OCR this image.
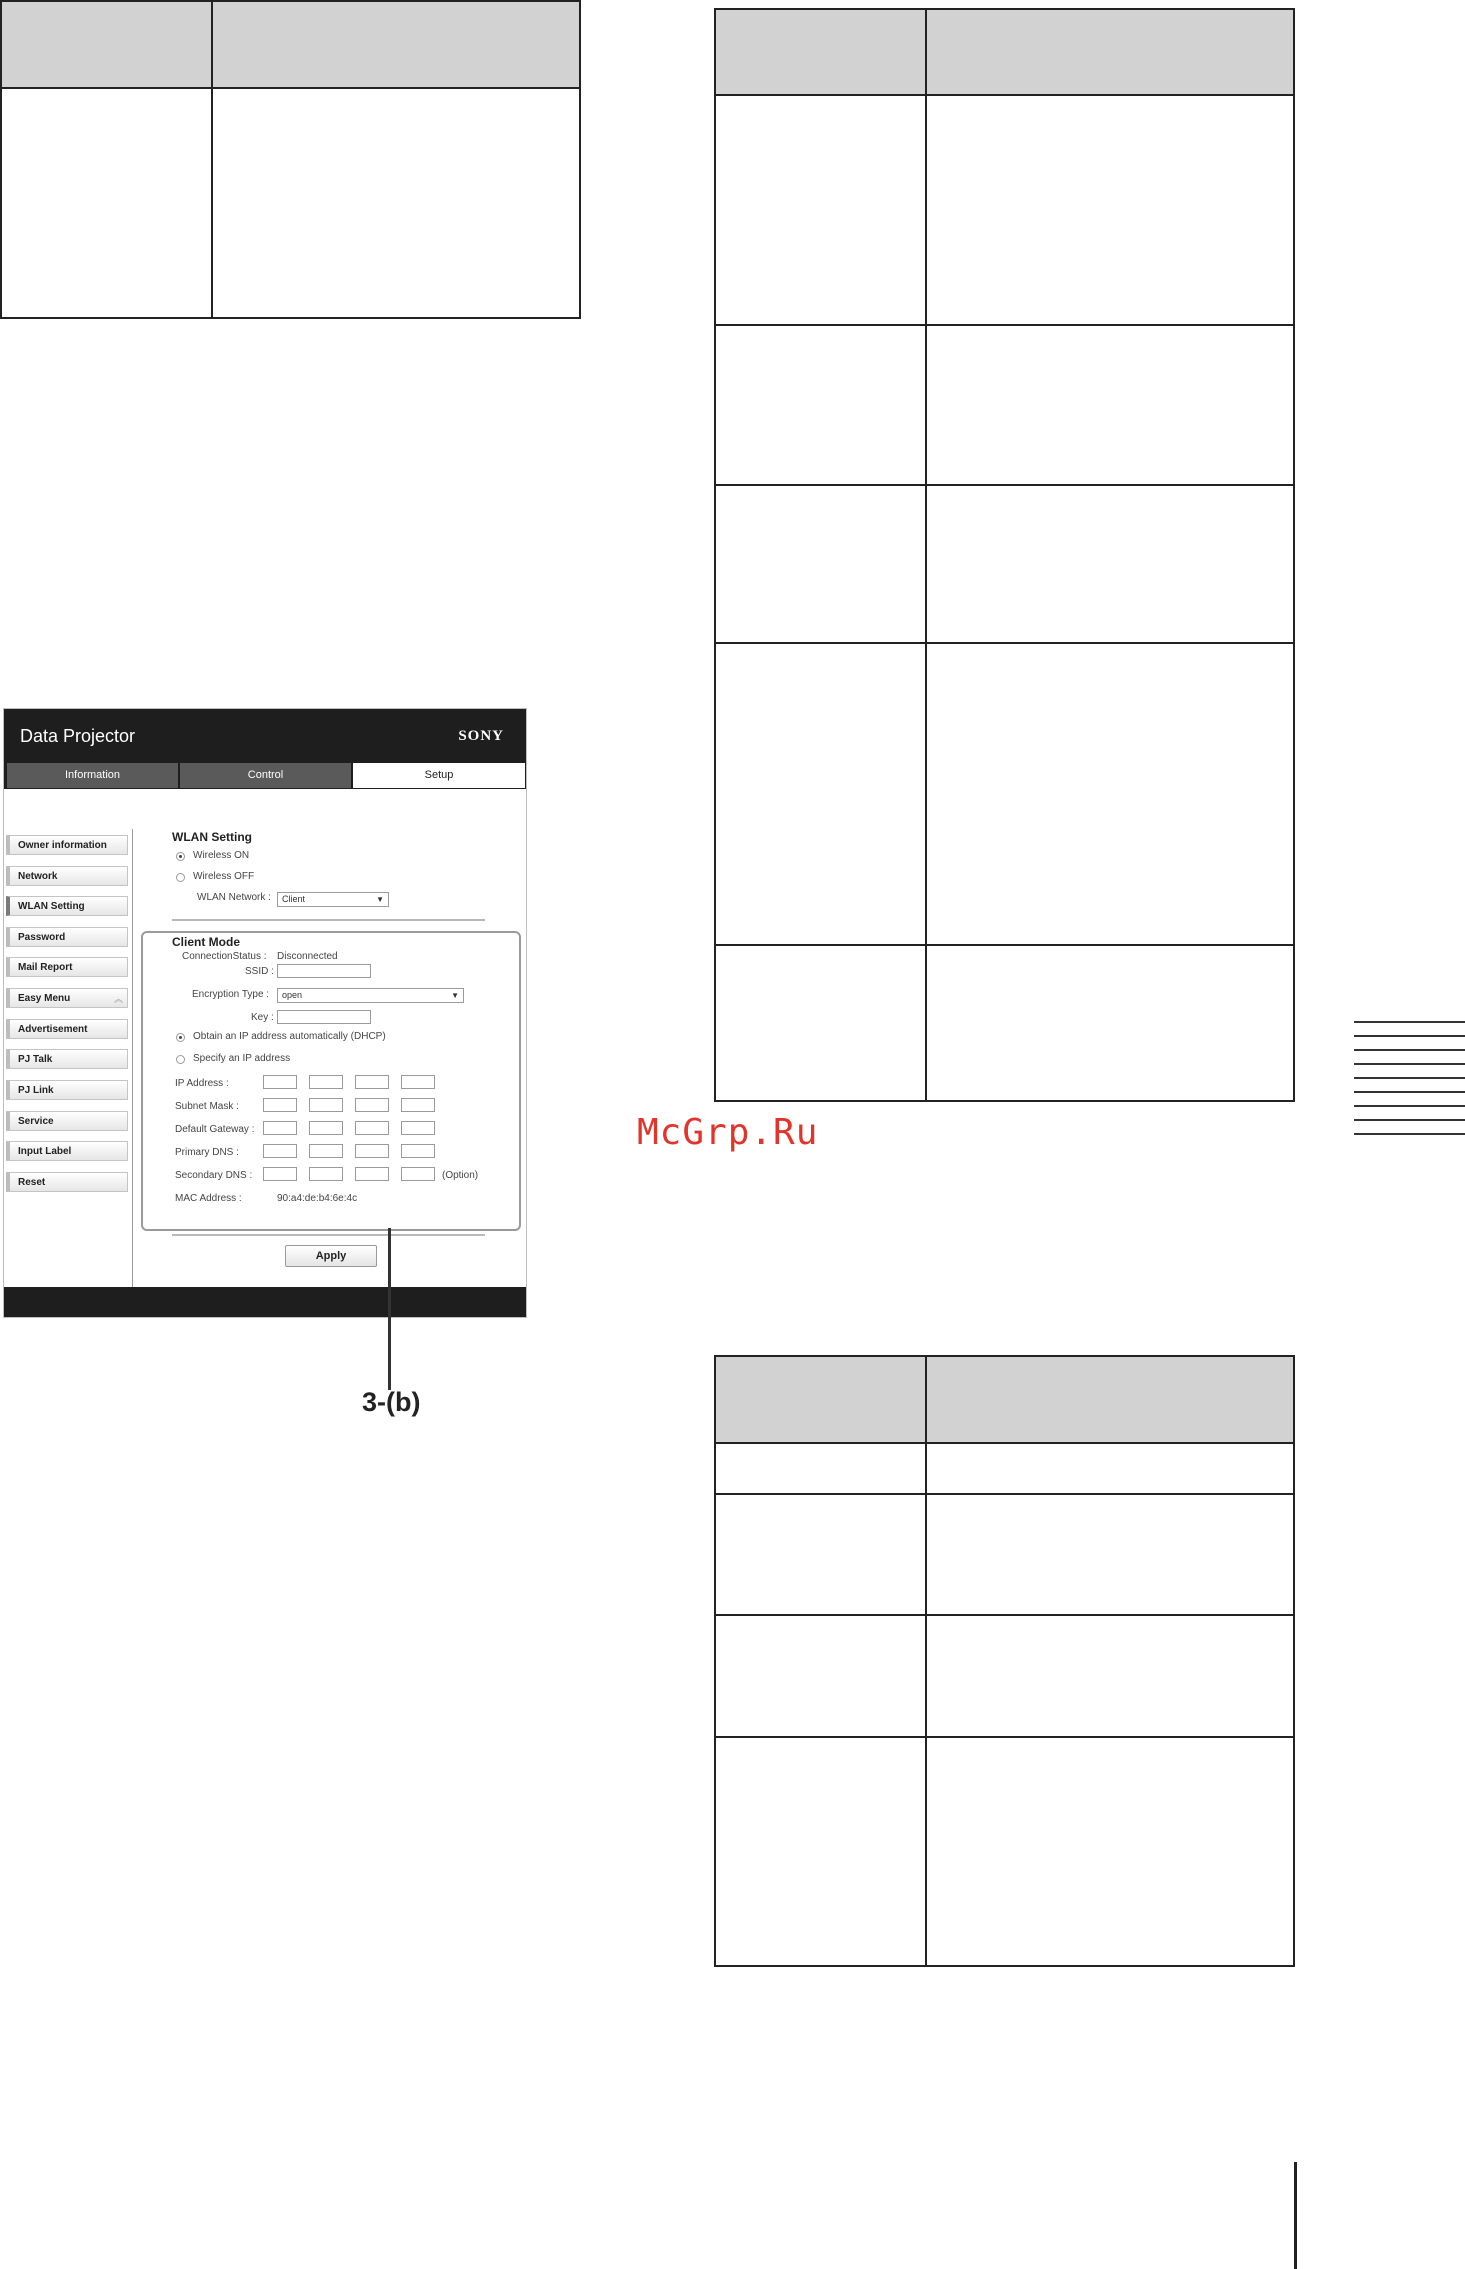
Data Projector	SONY
Information	Control	Setup
Owner information
Network
WLAN Setting
Password
Mail Report
Easy Menu	︽
Advertisement
PJ Talk
PJ Link
Service
Input Label
Reset
WLAN Setting
Wireless ON
Wireless OFF
WLAN Network :	Client	▼
Client Mode
ConnectionStatus : Disconnected
SSID :
Encryption Type :	open	▼
Key :
Obtain an IP address automatically (DHCP)
Specify an IP address
IP Address :
Subnet Mask :
Default Gateway :
Primary DNS :
Secondary DNS :	(Option)
MAC Address :	90:a4:de:b4:6e:4c
Apply
3-(b)
McGrp.Ru
